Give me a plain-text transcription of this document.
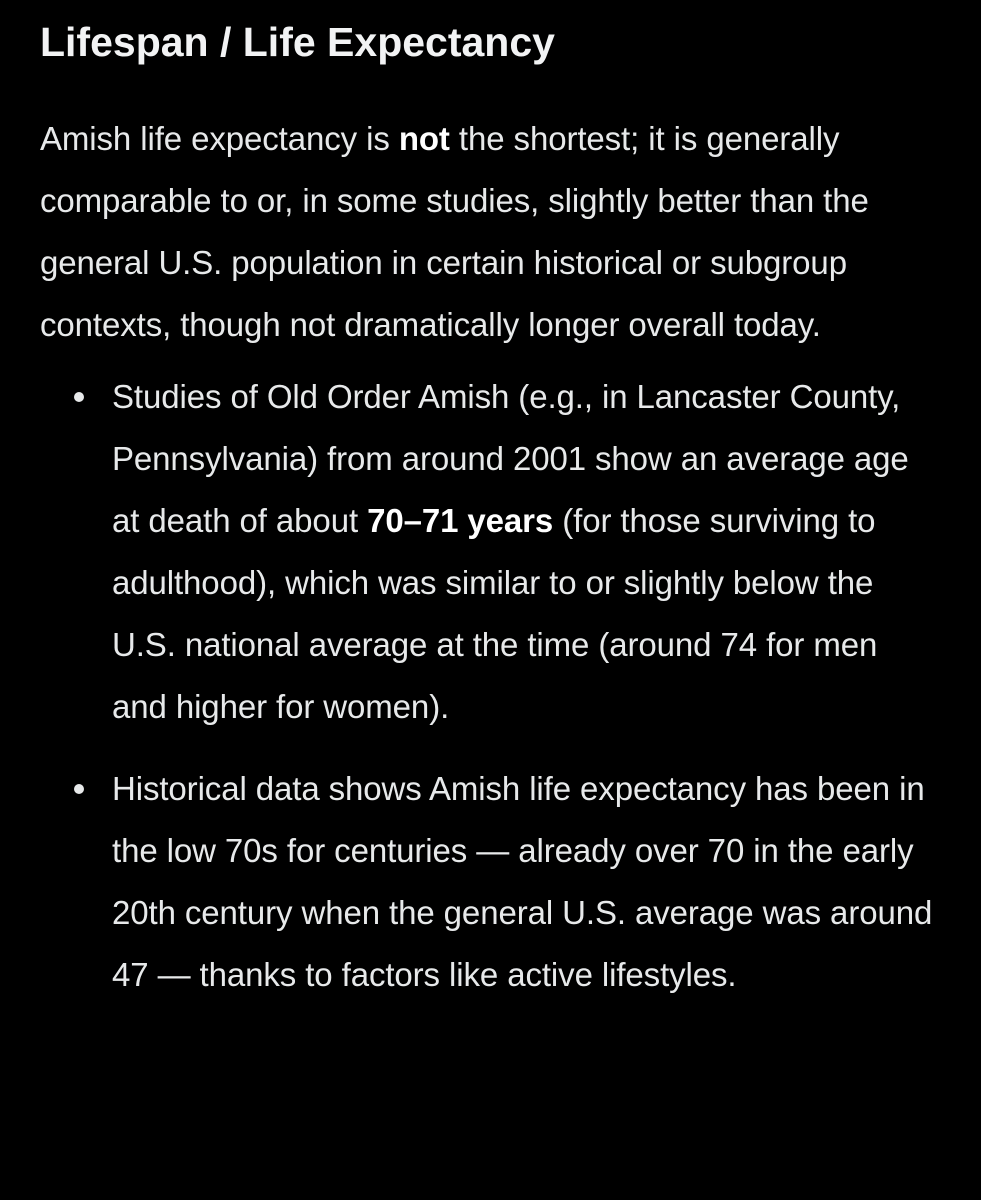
Lifespan / Life Expectancy

Amish life expectancy is not the shortest; it is generally comparable to or, in some studies, slightly better than the general U.S. population in certain historical or subgroup contexts, though not dramatically longer overall today.

Studies of Old Order Amish (e.g., in Lancaster County, Pennsylvania) from around 2001 show an average age at death of about 70–71 years (for those surviving to adulthood), which was similar to or slightly below the U.S. national average at the time (around 74 for men and higher for women).
Historical data shows Amish life expectancy has been in the low 70s for centuries — already over 70 in the early 20th century when the general U.S. average was around 47 — thanks to factors like active lifestyles.
